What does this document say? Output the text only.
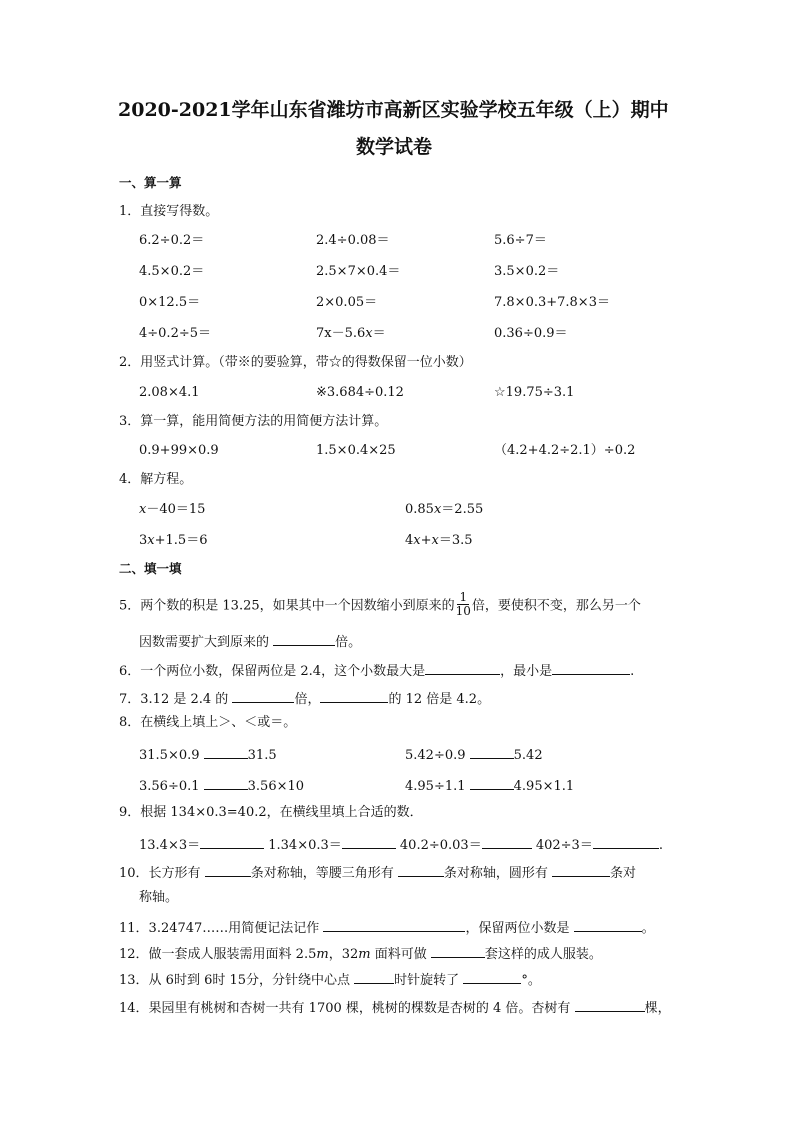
2020-2021学年山东省潍坊市高新区实验学校五年级（上）期中
数学试卷
一、算一算
1．直接写得数。
6.2÷0.2＝	2.4÷0.08＝	5.6÷7＝
4.5×0.2＝	2.5×7×0.4＝	3.5×0.2＝
0×12.5＝	2×0.05＝	7.8×0.3+7.8×3＝
4÷0.2÷5＝	7x－5.6x＝	0.36÷0.9＝
2．用竖式计算。（带※的要验算，带☆的得数保留一位小数）
2.08×4.1	※3.684÷0.12	☆19.75÷3.1
3．算一算，能用简便方法的用简便方法计算。
0.9+99×0.9	1.5×0.4×25	（4.2+4.2÷2.1）÷0.2
4．解方程。
x－40＝15	0.85x＝2.55
3x+1.5＝6	4x+x＝3.5
二、填一填
5．两个数的积是 13.25，如果其中一个因数缩小到原来的 $\frac{1}{10}$ 倍，要使积不变，那么另一个
因数需要扩大到原来的	倍。
6．一个两位小数，保留两位是 2.4，这个小数最大是	，最小是	.
7．3.12 是 2.4 的	倍，	的 12 倍是 4.2。
8．在横线上填上＞、＜或＝。
31.5×0.9	31.5	5.42÷0.9	5.42
3.56÷0.1	3.56×10	4.95÷1.1	4.95×1.1
9．根据 134×0.3=40.2，在横线里填上合适的数．
13.4×3＝	1.34×0.3＝	40.2÷0.03＝	402÷3＝	.
10．长方形有	条对称轴，等腰三角形有	条对称轴，圆形有	条对
称轴。
11．3.24747……用简便记法记作	，保留两位小数是	。
12．做一套成人服装需用面料 2.5m，32m 面料可做	套这样的成人服装。
13．从 6时到 6时 15分，分针绕中心点	时针旋转了	°。
14．果园里有桃树和杏树一共有 1700 棵，桃树的棵数是杏树的 4 倍。杏树有	棵，
